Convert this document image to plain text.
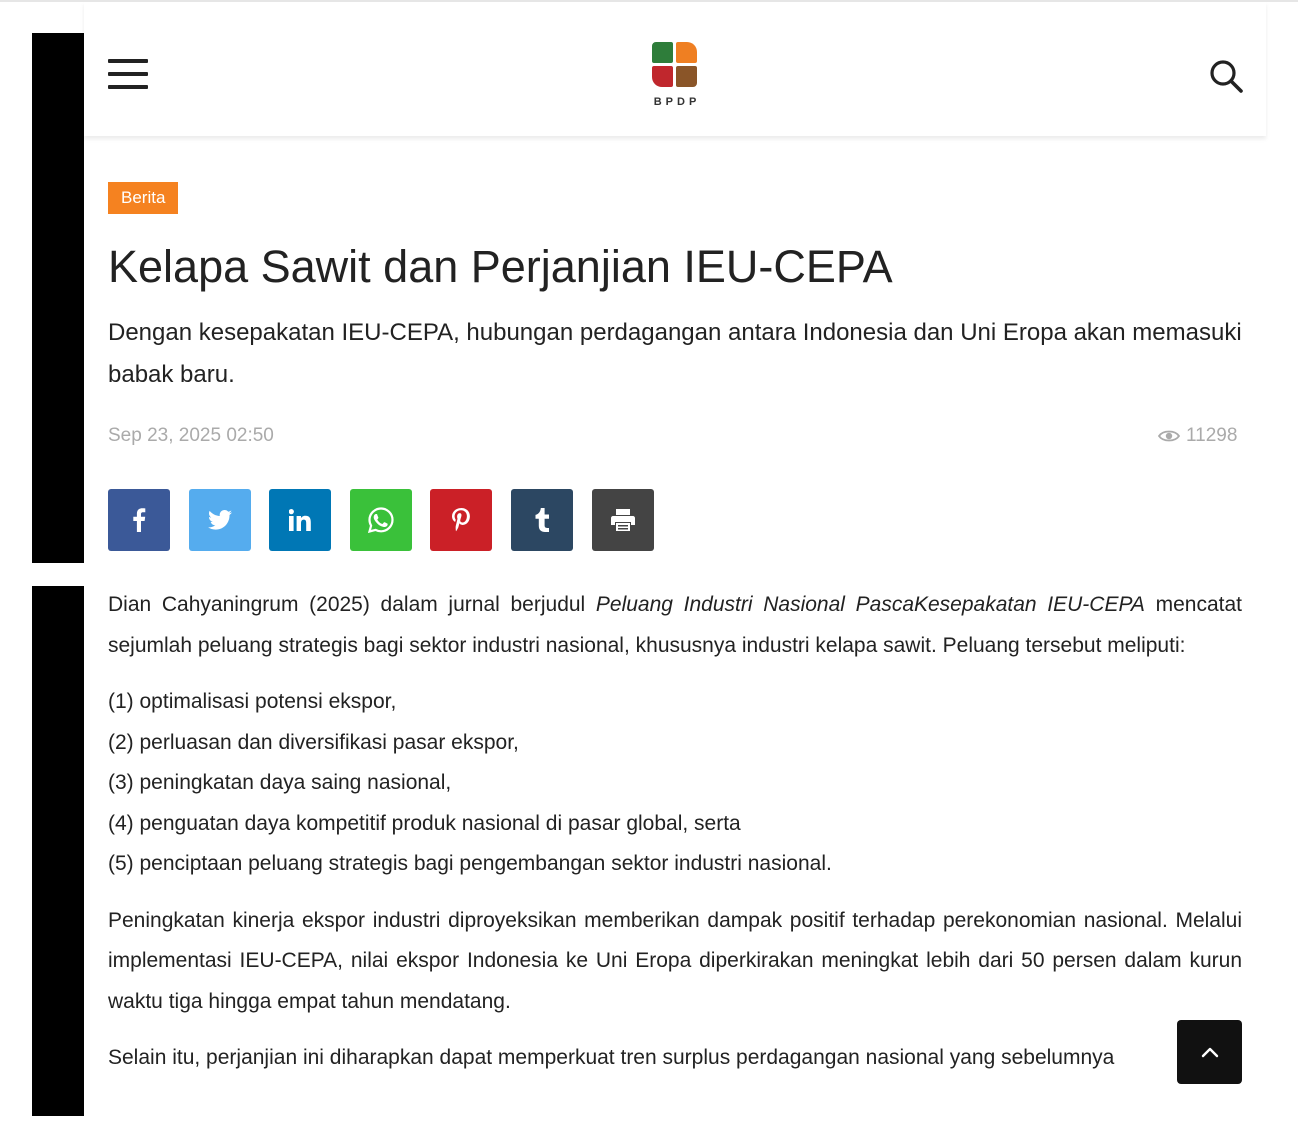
BPDP
Berita
Kelapa Sawit dan Perjanjian IEU-CEPA

Dengan kesepakatan IEU-CEPA, hubungan perdagangan antara Indonesia dan Uni Eropa akan memasuki babak baru.

Sep 23, 2025 02:50	11298

Dian Cahyaningrum (2025) dalam jurnal berjudul Peluang Industri Nasional PascaKesepakatan IEU-CEPA mencatat sejumlah peluang strategis bagi sektor industri nasional, khususnya industri kelapa sawit. Peluang tersebut meliputi:

(1) optimalisasi potensi ekspor,

(2) perluasan dan diversifikasi pasar ekspor,

(3) peningkatan daya saing nasional,

(4) penguatan daya kompetitif produk nasional di pasar global, serta

(5) penciptaan peluang strategis bagi pengembangan sektor industri nasional.

Peningkatan kinerja ekspor industri diproyeksikan memberikan dampak positif terhadap perekonomian nasional. Melalui implementasi IEU-CEPA, nilai ekspor Indonesia ke Uni Eropa diperkirakan meningkat lebih dari 50 persen dalam kurun waktu tiga hingga empat tahun mendatang.

Selain itu, perjanjian ini diharapkan dapat memperkuat tren surplus perdagangan nasional yang sebelumnya
